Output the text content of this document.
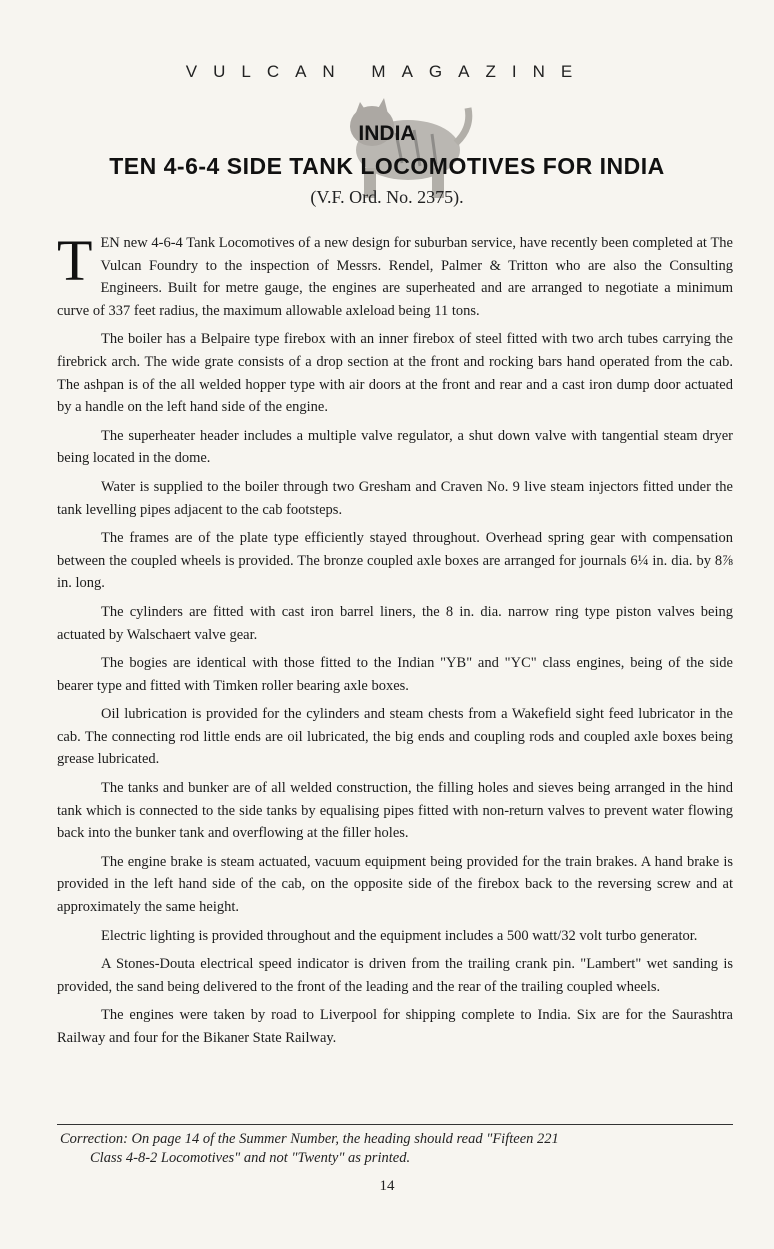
VULCAN MAGAZINE
INDIA
TEN 4-6-4 SIDE TANK LOCOMOTIVES FOR INDIA
(V.F. Ord. No. 2375).

TEN new 4-6-4 Tank Locomotives of a new design for suburban service, have recently been completed at The Vulcan Foundry to the inspection of Messrs. Rendel, Palmer & Tritton who are also the Consulting Engineers. Built for metre gauge, the engines are superheated and are arranged to negotiate a minimum curve of 337 feet radius, the maximum allowable axleload being 11 tons.

The boiler has a Belpaire type firebox with an inner firebox of steel fitted with two arch tubes carrying the firebrick arch. The wide grate consists of a drop section at the front and rocking bars hand operated from the cab. The ashpan is of the all welded hopper type with air doors at the front and rear and a cast iron dump door actuated by a handle on the left hand side of the engine.

The superheater header includes a multiple valve regulator, a shut down valve with tangential steam dryer being located in the dome.

Water is supplied to the boiler through two Gresham and Craven No. 9 live steam injectors fitted under the tank levelling pipes adjacent to the cab footsteps.

The frames are of the plate type efficiently stayed throughout. Overhead spring gear with compensation between the coupled wheels is provided. The bronze coupled axle boxes are arranged for journals 6¼ in. dia. by 8⅞ in. long.

The cylinders are fitted with cast iron barrel liners, the 8 in. dia. narrow ring type piston valves being actuated by Walschaert valve gear.

The bogies are identical with those fitted to the Indian "YB" and "YC" class engines, being of the side bearer type and fitted with Timken roller bearing axle boxes.

Oil lubrication is provided for the cylinders and steam chests from a Wakefield sight feed lubricator in the cab. The connecting rod little ends are oil lubricated, the big ends and coupling rods and coupled axle boxes being grease lubricated.

The tanks and bunker are of all welded construction, the filling holes and sieves being arranged in the hind tank which is connected to the side tanks by equalising pipes fitted with non-return valves to prevent water flowing back into the bunker tank and overflowing at the filler holes.

The engine brake is steam actuated, vacuum equipment being provided for the train brakes. A hand brake is provided in the left hand side of the cab, on the opposite side of the firebox back to the reversing screw and at approximately the same height.

Electric lighting is provided throughout and the equipment includes a 500 watt/32 volt turbo generator.

A Stones-Douta electrical speed indicator is driven from the trailing crank pin. "Lambert" wet sanding is provided, the sand being delivered to the front of the leading and the rear of the trailing coupled wheels.

The engines were taken by road to Liverpool for shipping complete to India. Six are for the Saurashtra Railway and four for the Bikaner State Railway.

Correction: On page 14 of the Summer Number, the heading should read "Fifteen 221
Class 4-8-2 Locomotives" and not "Twenty" as printed.
14
